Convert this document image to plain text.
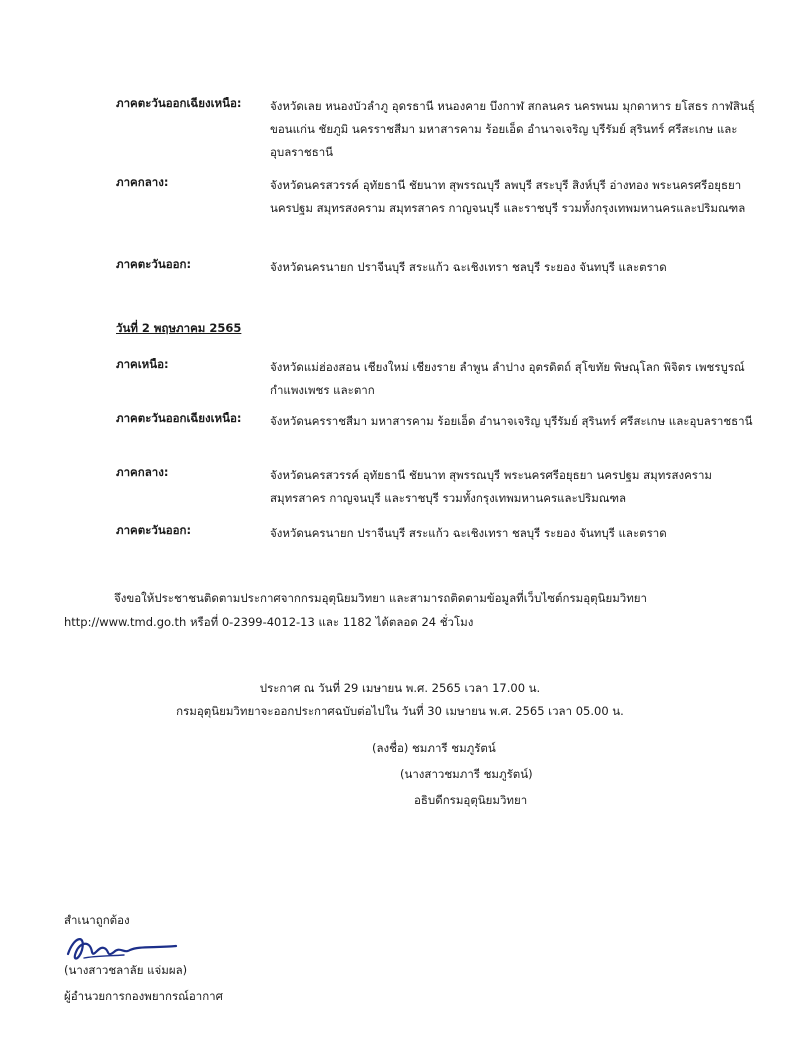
ภาคตะวันออกเฉียงเหนือ: จังหวัดเลย หนองบัวลำภู อุดรธานี หนองคาย บึงกาฬ สกลนคร นครพนม มุกดาหาร ยโสธร กาฬสินธุ์ ขอนแก่น ชัยภูมิ นครราชสีมา มหาสารคาม ร้อยเอ็ด อำนาจเจริญ บุรีรัมย์ สุรินทร์ ศรีสะเกษ และอุบลราชธานี
ภาคกลาง:	จังหวัดนครสวรรค์ อุทัยธานี ชัยนาท สุพรรณบุรี ลพบุรี สระบุรี สิงห์บุรี อ่างทอง พระนครศรีอยุธยา นครปฐม สมุทรสงคราม สมุทรสาคร กาญจนบุรี และราชบุรี รวมทั้งกรุงเทพมหานครและปริมณฑล
ภาคตะวันออก:	จังหวัดนครนายก ปราจีนบุรี สระแก้ว ฉะเชิงเทรา ชลบุรี ระยอง จันทบุรี และตราด
วันที่ 2 พฤษภาคม 2565
ภาคเหนือ:	จังหวัดแม่ฮ่องสอน เชียงใหม่ เชียงราย ลำพูน ลำปาง อุตรดิตถ์ สุโขทัย พิษณุโลก พิจิตร เพชรบูรณ์ กำแพงเพชร และตาก
ภาคตะวันออกเฉียงเหนือ: จังหวัดนครราชสีมา มหาสารคาม ร้อยเอ็ด อำนาจเจริญ บุรีรัมย์ สุรินทร์ ศรีสะเกษ และอุบลราชธานี
ภาคกลาง:	จังหวัดนครสวรรค์ อุทัยธานี ชัยนาท สุพรรณบุรี พระนครศรีอยุธยา นครปฐม สมุทรสงคราม สมุทรสาคร กาญจนบุรี และราชบุรี รวมทั้งกรุงเทพมหานครและปริมณฑล
ภาคตะวันออก:	จังหวัดนครนายก ปราจีนบุรี สระแก้ว ฉะเชิงเทรา ชลบุรี ระยอง จันทบุรี และตราด
จึงขอให้ประชาชนติดตามประกาศจากกรมอุตุนิยมวิทยา และสามารถติดตามข้อมูลที่เว็บไซต์กรมอุตุนิยมวิทยา http://www.tmd.go.th หรือที่ 0-2399-4012-13 และ 1182 ได้ตลอด 24 ชั่วโมง
ประกาศ ณ วันที่ 29 เมษายน พ.ศ. 2565 เวลา 17.00 น.
กรมอุตุนิยมวิทยาจะออกประกาศฉบับต่อไปใน วันที่ 30 เมษายน พ.ศ. 2565 เวลา 05.00 น.
(ลงชื่อ) ชมภารี ชมภูรัตน์
(นางสาวชมภารี ชมภูรัตน์)
อธิบดีกรมอุตุนิยมวิทยา
สำเนาถูกต้อง
(นางสาวชลาลัย แจ่มผล)
ผู้อำนวยการกองพยากรณ์อากาศ
